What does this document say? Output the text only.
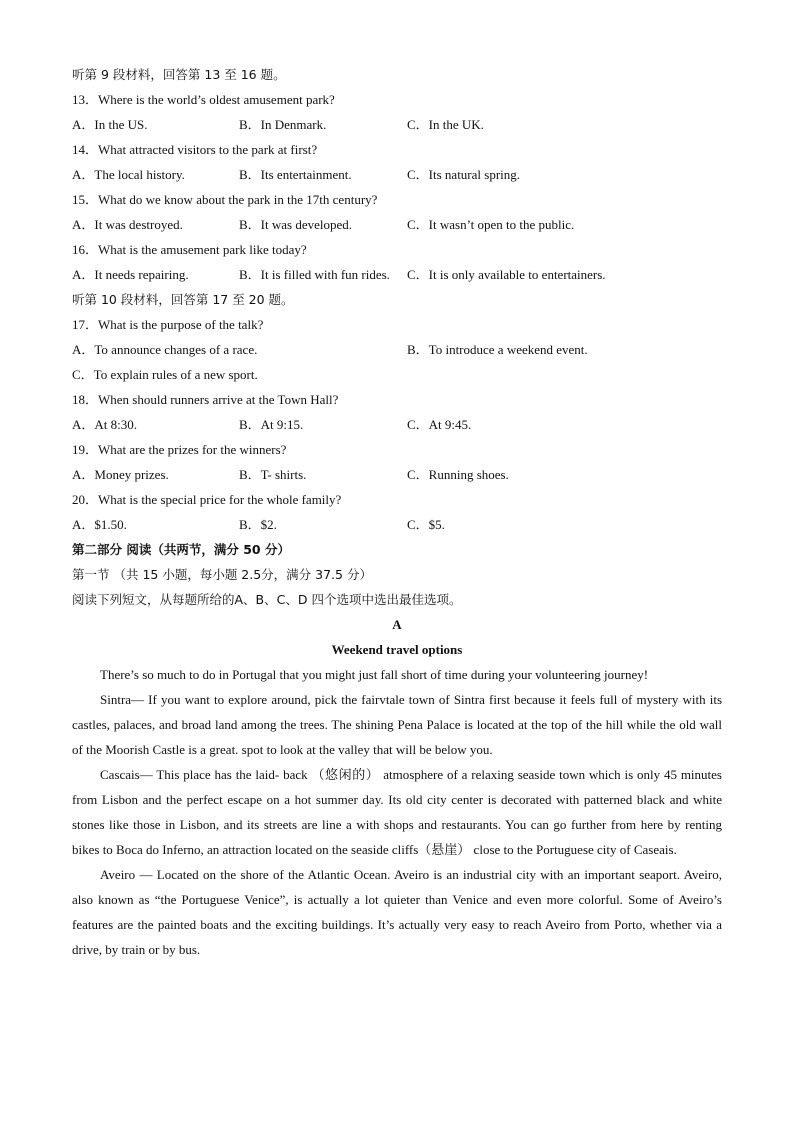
听第 9 段材料，回答第 13 至 16 题。
13．Where is the world’s oldest amusement park?
A．In the US.	B．In Denmark.	C．In the UK.
14．What attracted visitors to the park at first?
A．The local history.	B．Its entertainment.	C．Its natural spring.
15．What do we know about the park in the 17th century?
A．It was destroyed.	B．It was developed.	C．It wasn’t open to the public.
16．What is the amusement park like today?
A．It needs repairing.	B．It is filled with fun rides. C．It is only available to entertainers.
听第 10 段材料，回答第 17 至 20 题。
17．What is the purpose of the talk?
A．To announce changes of a race.	B．To introduce a weekend event.
C．To explain rules of a new sport.
18．When should runners arrive at the Town Hall?
A．At 8:30.	B．At 9:15.	C．At 9:45.
19．What are the prizes for the winners?
A．Money prizes.	B．T- shirts.	C．Running shoes.
20．What is the special price for the whole family?
A．$1.50.	B．$2.	C．$5.
第二部分 阅读（共两节，满分 50 分）
第一节 （共 15 小题，每小题 2.5分，满分 37.5 分）
阅读下列短文，从每题所给的A、B、C、D 四个选项中选出最佳选项。
A
Weekend travel options
There’s so much to do in Portugal that you might just fall short of time during your volunteering journey!
Sintra— If you want to explore around, pick the fairvtale town of Sintra first because it feels full of mystery with its castles, palaces, and broad land among the trees. The shining Pena Palace is located at the top of the hill while the old wall of the Moorish Castle is a great. spot to look at the valley that will be below you.
Cascais— This place has the laid- back （悠闲的） atmosphere of a relaxing seaside town which is only 45 minutes from Lisbon and the perfect escape on a hot summer day. Its old city center is decorated with patterned black and white stones like those in Lisbon, and its streets are line a with shops and restaurants. You can go further from here by renting bikes to Boca do Inferno, an attraction located on the seaside cliffs（悬崖） close to the Portuguese city of Caseais.
Aveiro — Located on the shore of the Atlantic Ocean. Aveiro is an industrial city with an important seaport. Aveiro, also known as “the Portuguese Venice”, is actually a lot quieter than Venice and even more colorful. Some of Aveiro’s features are the painted boats and the exciting buildings. It’s actually very easy to reach Aveiro from Porto, whether via a drive, by train or by bus.
